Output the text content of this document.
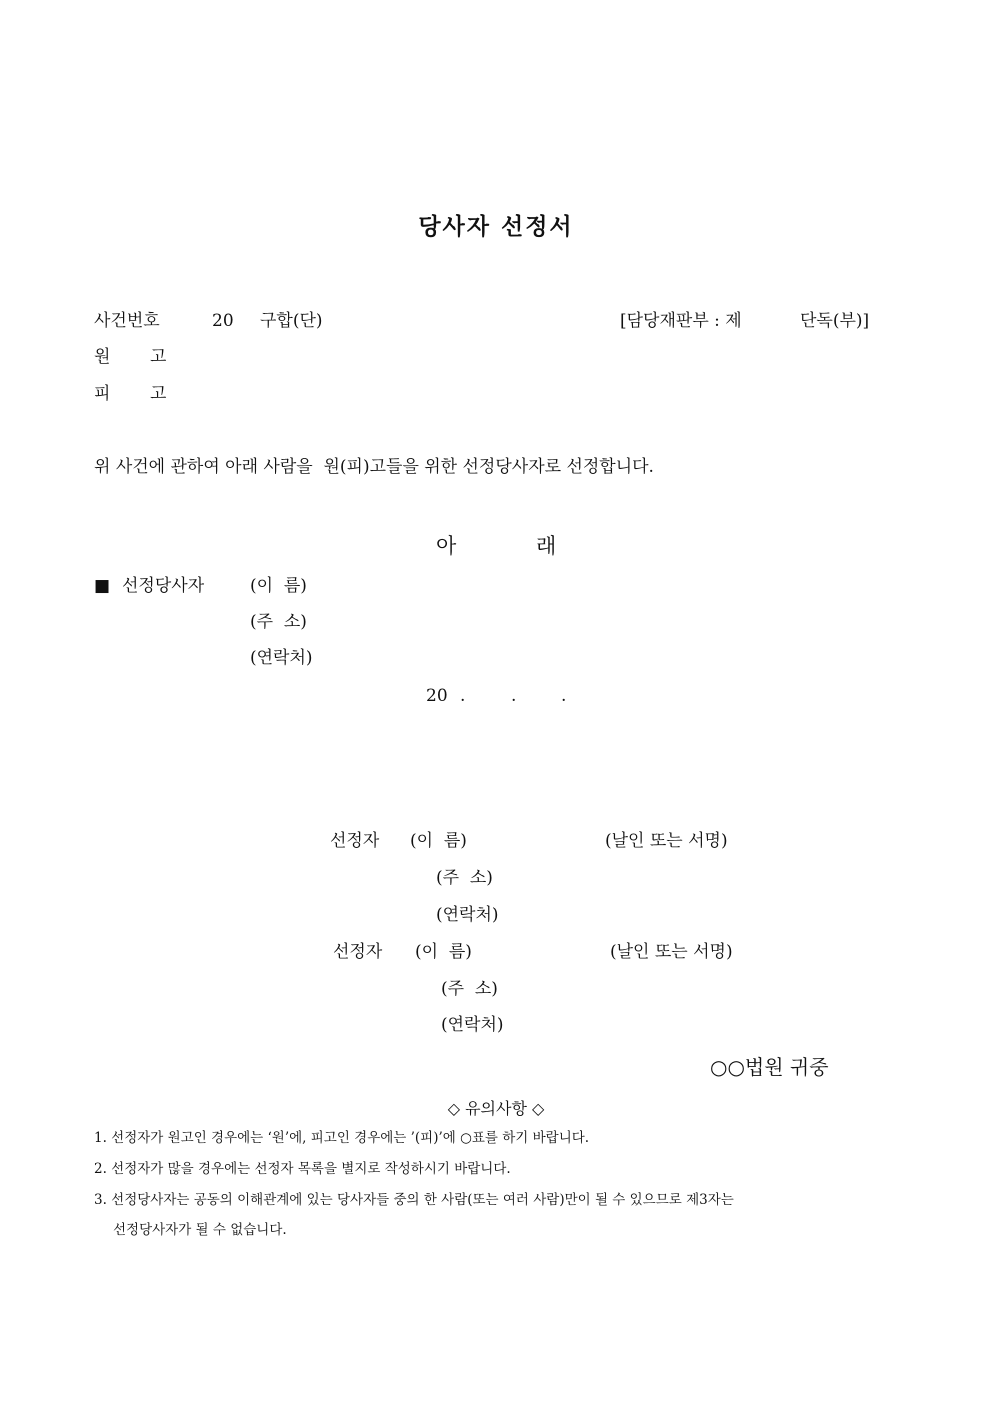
당사자 선정서
사건번호	20 구합(단)	[담당재판부 : 제	단독(부)]
원 고
피 고
위 사건에 관하여 아래 사람을  원(피)고들을 위한 선정당사자로 선정합니다.
아	래
■ 선정당사자	(이  름)
(주  소)
(연락처)
20 .	.	.
선정자 (이  름)	(날인 또는 서명)
(주  소)
(연락처)
선정자 (이  름)	(날인 또는 서명)
(주  소)
(연락처)
○○법원 귀중
◇ 유의사항 ◇
1. 선정자가 원고인 경우에는 ‘원’에, 피고인 경우에는 ’(피)’에 ○표를 하기 바랍니다.
2. 선정자가 많을 경우에는 선정자 목록을 별지로 작성하시기 바랍니다.
3. 선정당사자는 공동의 이해관계에 있는 당사자들 중의 한 사람(또는 여러 사람)만이 될 수 있으므로 제3자는
선정당사자가 될 수 없습니다.
